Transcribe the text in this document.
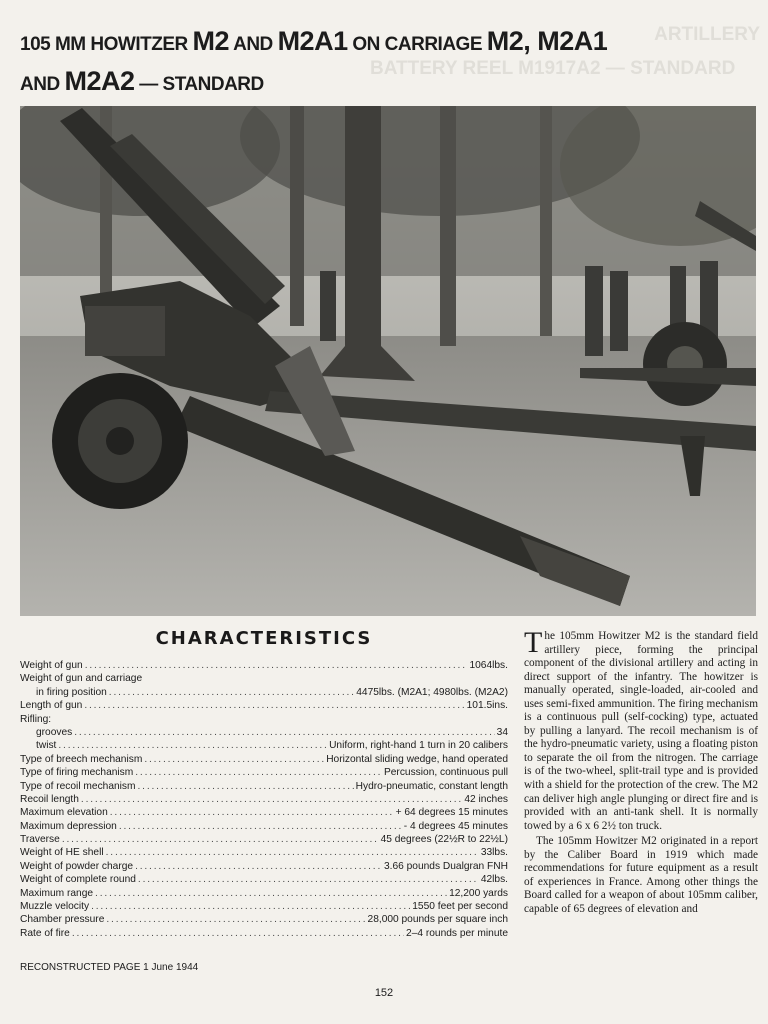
ARTILLERY
BATTERY REEL M1917A2 — STANDARD
105 MM HOWITZER M2 AND M2A1 ON CARRIAGE M2, M2A1
AND M2A2 — STANDARD
CHARACTERISTICS
Weight of gun . . .	1064lbs.
Weight of gun and carriage
in firing position . . .	4475lbs. (M2A1; 4980lbs. (M2A2)
Length of gun . . .	101.5ins.
Rifling:
grooves . . .	34
twist . . .	Uniform, right-hand 1 turn in 20 calibers
Type of breech mechanism . . .	Horizontal sliding wedge, hand operated
Type of firing mechanism . . .	Percussion, continuous pull
Type of recoil mechanism . . .	Hydro-pneumatic, constant length
Recoil length . . .	42 inches
Maximum elevation . . .	+ 64 degrees 15 minutes
Maximum depression . . .	- 4 degrees 45 minutes
Traverse . . .	45 degrees (22½R to 22½L)
Weight of HE shell . . .	33lbs.
Weight of powder charge . . .	3.66 pounds Dualgran FNH
Weight of complete round . . .	42lbs.
Maximum range . . .	12,200 yards
Muzzle velocity . . .	1550 feet per second
Chamber pressure . . .	28,000 pounds per square inch
Rate of fire . . .	2–4 rounds per minute
RECONSTRUCTED PAGE 1 June 1944
152

The 105mm Howitzer M2 is the standard field artillery piece, forming the principal component of the divisional artillery and acting in direct support of the infantry. The howitzer is manually operated, single-loaded, air-cooled and uses semi-fixed ammunition. The firing mechanism is a continuous pull (self-cocking) type, actuated by pulling a lanyard. The recoil mechanism is of the hydro-pneumatic variety, using a floating piston to separate the oil from the nitrogen. The carriage is of the two-wheel, split-trail type and is provided with a shield for the protection of the crew. The M2 can deliver high angle plunging or direct fire and is provided with an anti-tank shell. It is normally towed by a 6 x 6 2½ ton truck.

The 105mm Howitzer M2 originated in a report by the Caliber Board in 1919 which made recommendations for future equipment as a result of experiences in France. Among other things the Board called for a weapon of about 105mm caliber, capable of 65 degrees of elevation and
